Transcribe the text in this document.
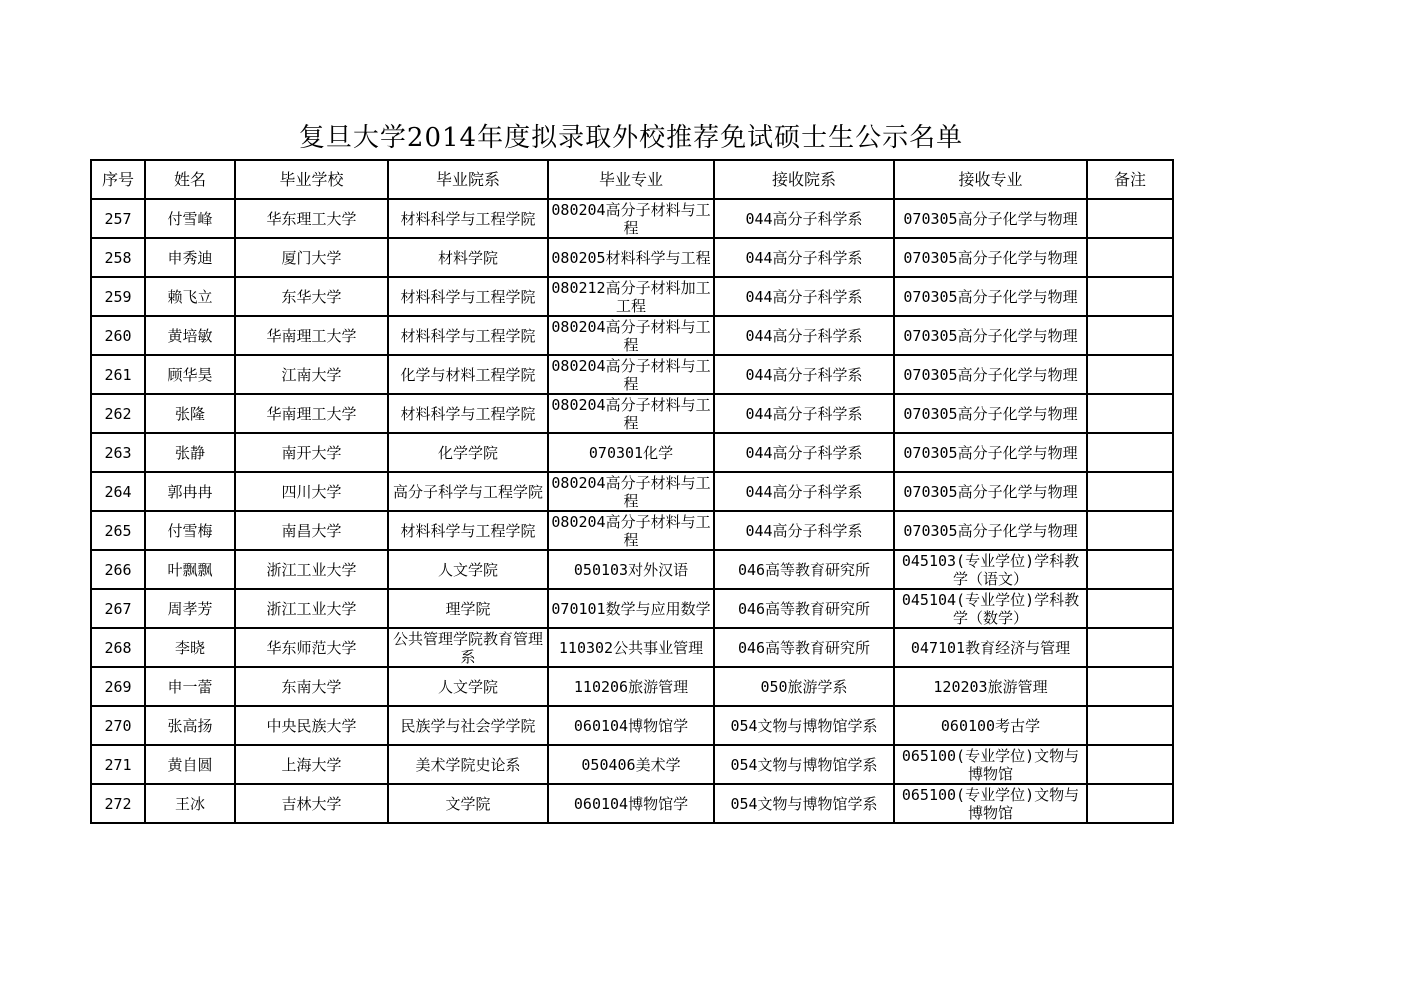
复旦大学2014年度拟录取外校推荐免试硕士生公示名单
序号	姓名	毕业学校	毕业院系	毕业专业	接收院系	接收专业	备注
257	付雪峰	华东理工大学	材料科学与工程学院	080204高分子材料与工程	044高分子科学系	070305高分子化学与物理	
258	申秀迪	厦门大学	材料学院	080205材料科学与工程	044高分子科学系	070305高分子化学与物理	
259	赖飞立	东华大学	材料科学与工程学院	080212高分子材料加工工程	044高分子科学系	070305高分子化学与物理	
260	黄培敏	华南理工大学	材料科学与工程学院	080204高分子材料与工程	044高分子科学系	070305高分子化学与物理	
261	顾华昊	江南大学	化学与材料工程学院	080204高分子材料与工程	044高分子科学系	070305高分子化学与物理	
262	张隆	华南理工大学	材料科学与工程学院	080204高分子材料与工程	044高分子科学系	070305高分子化学与物理	
263	张静	南开大学	化学学院	070301化学	044高分子科学系	070305高分子化学与物理	
264	郭冉冉	四川大学	高分子科学与工程学院	080204高分子材料与工程	044高分子科学系	070305高分子化学与物理	
265	付雪梅	南昌大学	材料科学与工程学院	080204高分子材料与工程	044高分子科学系	070305高分子化学与物理	
266	叶飘飘	浙江工业大学	人文学院	050103对外汉语	046高等教育研究所	045103(专业学位)学科教学（语文）	
267	周孝芳	浙江工业大学	理学院	070101数学与应用数学	046高等教育研究所	045104(专业学位)学科教学（数学）	
268	李晓	华东师范大学	公共管理学院教育管理系	110302公共事业管理	046高等教育研究所	047101教育经济与管理	
269	申一蕾	东南大学	人文学院	110206旅游管理	050旅游学系	120203旅游管理	
270	张高扬	中央民族大学	民族学与社会学学院	060104博物馆学	054文物与博物馆学系	060100考古学	
271	黄自圆	上海大学	美术学院史论系	050406美术学	054文物与博物馆学系	065100(专业学位)文物与博物馆	
272	王冰	吉林大学	文学院	060104博物馆学	054文物与博物馆学系	065100(专业学位)文物与博物馆	
